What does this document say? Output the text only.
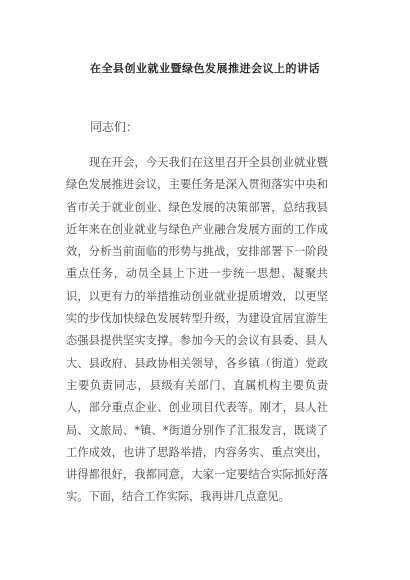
在全县创业就业暨绿色发展推进会议上的讲话
同志们：

现在开会，今天我们在这里召开全县创业就业暨绿色发展推进会议，主要任务是深入贯彻落实中央和省市关于就业创业、绿色发展的决策部署，总结我县近年来在创业就业与绿色产业融合发展方面的工作成效，分析当前面临的形势与挑战，安排部署下一阶段重点任务，动员全县上下进一步统一思想、凝聚共识，以更有力的举措推动创业就业提质增效，以更坚实的步伐加快绿色发展转型升级，为建设宜居宜游生态强县提供坚实支撑。参加今天的会议有县委、县人大、县政府、县政协相关领导，各乡镇（街道）党政主要负责同志，县级有关部门、直属机构主要负责人，部分重点企业、创业项目代表等。刚才，县人社局、文旅局、*镇、*街道分别作了汇报发言，既谈了工作成效，也讲了思路举措，内容务实、重点突出，讲得都很好，我都同意，大家一定要结合实际抓好落实。下面，结合工作实际，我再讲几点意见。
